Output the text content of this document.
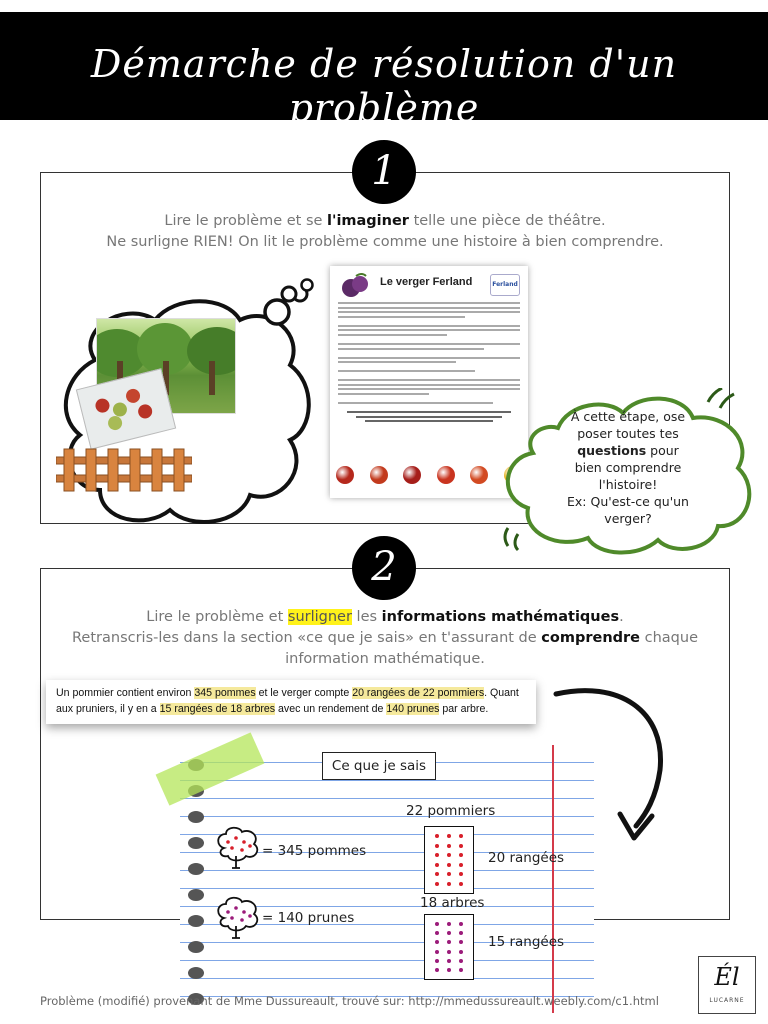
Démarche de résolution d'un problème
1
Lire le problème et se l'imaginer telle une pièce de théâtre.
Ne surligne RIEN! On lit le problème comme une histoire à bien comprendre.
Le verger Ferland	Ferland
À cette étape, ose
poser toutes tes
questions pour
bien comprendre
l'histoire!
Ex: Qu'est-ce qu'un
verger?
2
Lire le problème et surligner les informations mathématiques.
Retranscris-les dans la section «ce que je sais» en t'assurant de comprendre chaque
information mathématique.
Un pommier contient environ 345 pommes et le verger compte 20 rangées de 22 pommiers. Quant
aux pruniers, il y en a 15 rangées de 18 arbres avec un rendement de 140 prunes par arbre.
Ce que je sais
= 345 pommes
= 140 prunes
22 pommiers
20 rangées
18 arbres
15 rangées
Problème (modifié) provenant de Mme Dussureault, trouvé sur: http://mmedussureault.weebly.com/c1.html
Él
LUCARNE
